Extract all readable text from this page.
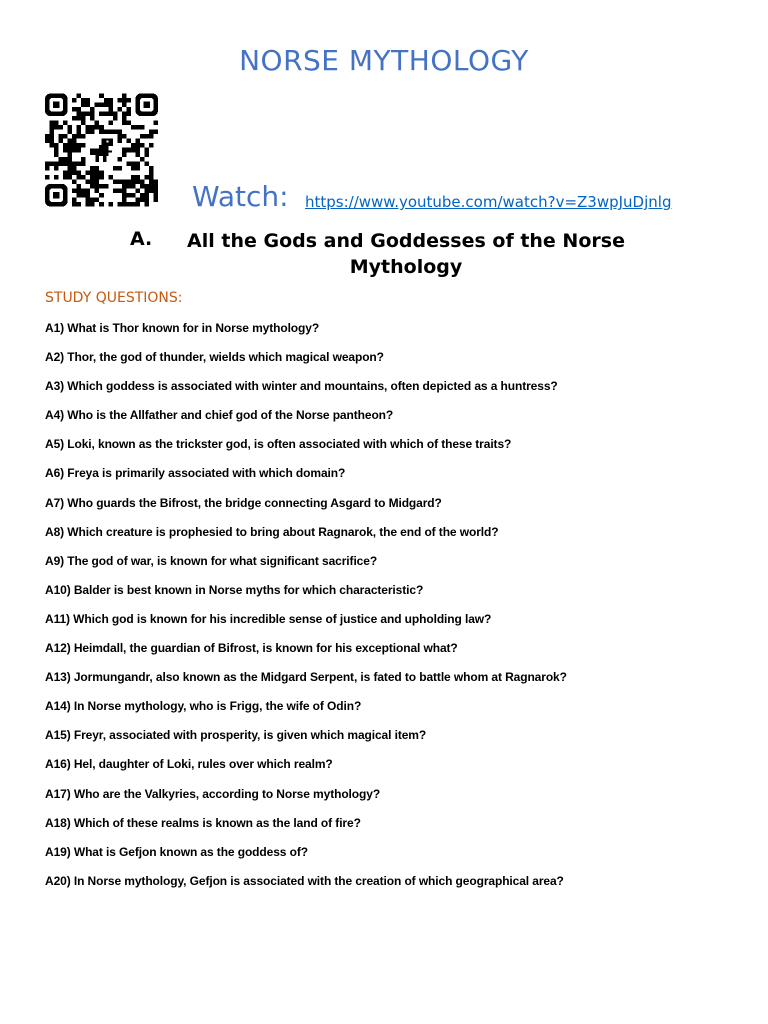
NORSE MYTHOLOGY
Watch: https://www.youtube.com/watch?v=Z3wpJuDjnlg
A.	All the Gods and Goddesses of the Norse Mythology
STUDY QUESTIONS:
A1) What is Thor known for in Norse mythology?
A2) Thor, the god of thunder, wields which magical weapon?
A3) Which goddess is associated with winter and mountains, often depicted as a huntress?
A4) Who is the Allfather and chief god of the Norse pantheon?
A5) Loki, known as the trickster god, is often associated with which of these traits?
A6) Freya is primarily associated with which domain?
A7) Who guards the Bifrost, the bridge connecting Asgard to Midgard?
A8) Which creature is prophesied to bring about Ragnarok, the end of the world?
A9) The god of war, is known for what significant sacrifice?
A10) Balder is best known in Norse myths for which characteristic?
A11) Which god is known for his incredible sense of justice and upholding law?
A12) Heimdall, the guardian of Bifrost, is known for his exceptional what?
A13) Jormungandr, also known as the Midgard Serpent, is fated to battle whom at Ragnarok?
A14) In Norse mythology, who is Frigg, the wife of Odin?
A15) Freyr, associated with prosperity, is given which magical item?
A16) Hel, daughter of Loki, rules over which realm?
A17) Who are the Valkyries, according to Norse mythology?
A18) Which of these realms is known as the land of fire?
A19) What is Gefjon known as the goddess of?
A20) In Norse mythology, Gefjon is associated with the creation of which geographical area?
